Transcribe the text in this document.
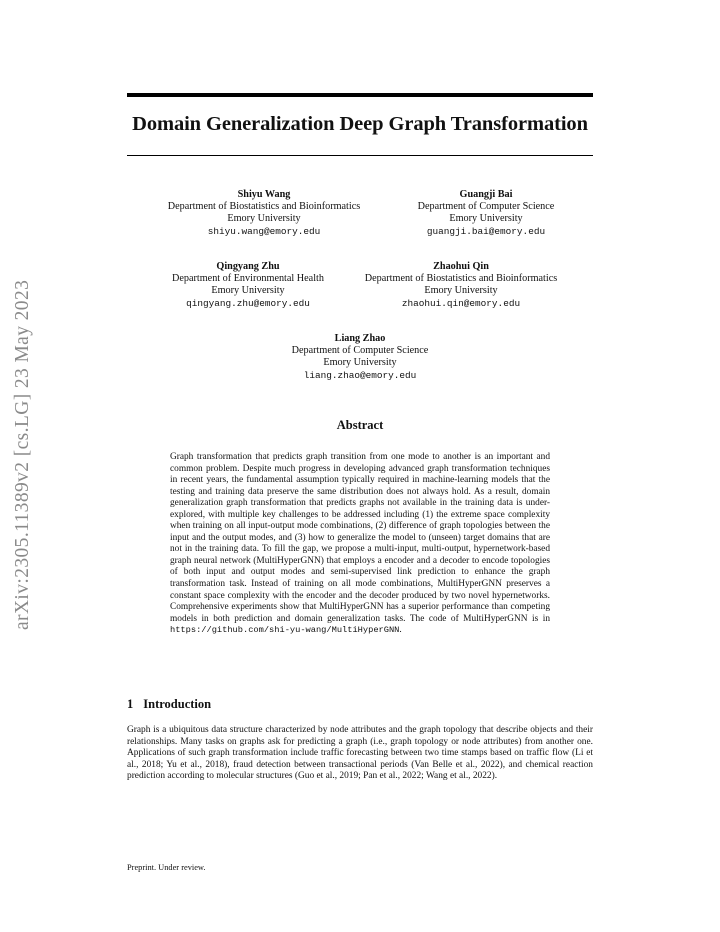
arXiv:2305.11389v2 [cs.LG] 23 May 2023
Domain Generalization Deep Graph Transformation
Shiyu Wang
Department of Biostatistics and Bioinformatics
Emory University
shiyu.wang@emory.edu
Guangji Bai
Department of Computer Science
Emory University
guangji.bai@emory.edu
Qingyang Zhu
Department of Environmental Health
Emory University
qingyang.zhu@emory.edu
Zhaohui Qin
Department of Biostatistics and Bioinformatics
Emory University
zhaohui.qin@emory.edu
Liang Zhao
Department of Computer Science
Emory University
liang.zhao@emory.edu
Abstract
Graph transformation that predicts graph transition from one mode to another is an important and common problem. Despite much progress in developing advanced graph transformation techniques in recent years, the fundamental assumption typically required in machine-learning models that the testing and training data preserve the same distribution does not always hold. As a result, domain generalization graph transformation that predicts graphs not available in the training data is under-explored, with multiple key challenges to be addressed including (1) the extreme space complexity when training on all input-output mode combinations, (2) difference of graph topologies between the input and the output modes, and (3) how to generalize the model to (unseen) target domains that are not in the training data. To fill the gap, we propose a multi-input, multi-output, hypernetwork-based graph neural network (MultiHyperGNN) that employs a encoder and a decoder to encode topologies of both input and output modes and semi-supervised link prediction to enhance the graph transformation task. Instead of training on all mode combinations, MultiHyperGNN preserves a constant space complexity with the encoder and the decoder produced by two novel hypernetworks. Comprehensive experiments show that MultiHyperGNN has a superior performance than competing models in both prediction and domain generalization tasks. The code of MultiHyperGNN is in https://github.com/shi-yu-wang/MultiHyperGNN.
1 Introduction
Graph is a ubiquitous data structure characterized by node attributes and the graph topology that describe objects and their relationships. Many tasks on graphs ask for predicting a graph (i.e., graph topology or node attributes) from another one. Applications of such graph transformation include traffic forecasting between two time stamps based on traffic flow (Li et al., 2018; Yu et al., 2018), fraud detection between transactional periods (Van Belle et al., 2022), and chemical reaction prediction according to molecular structures (Guo et al., 2019; Pan et al., 2022; Wang et al., 2022).
Preprint. Under review.
